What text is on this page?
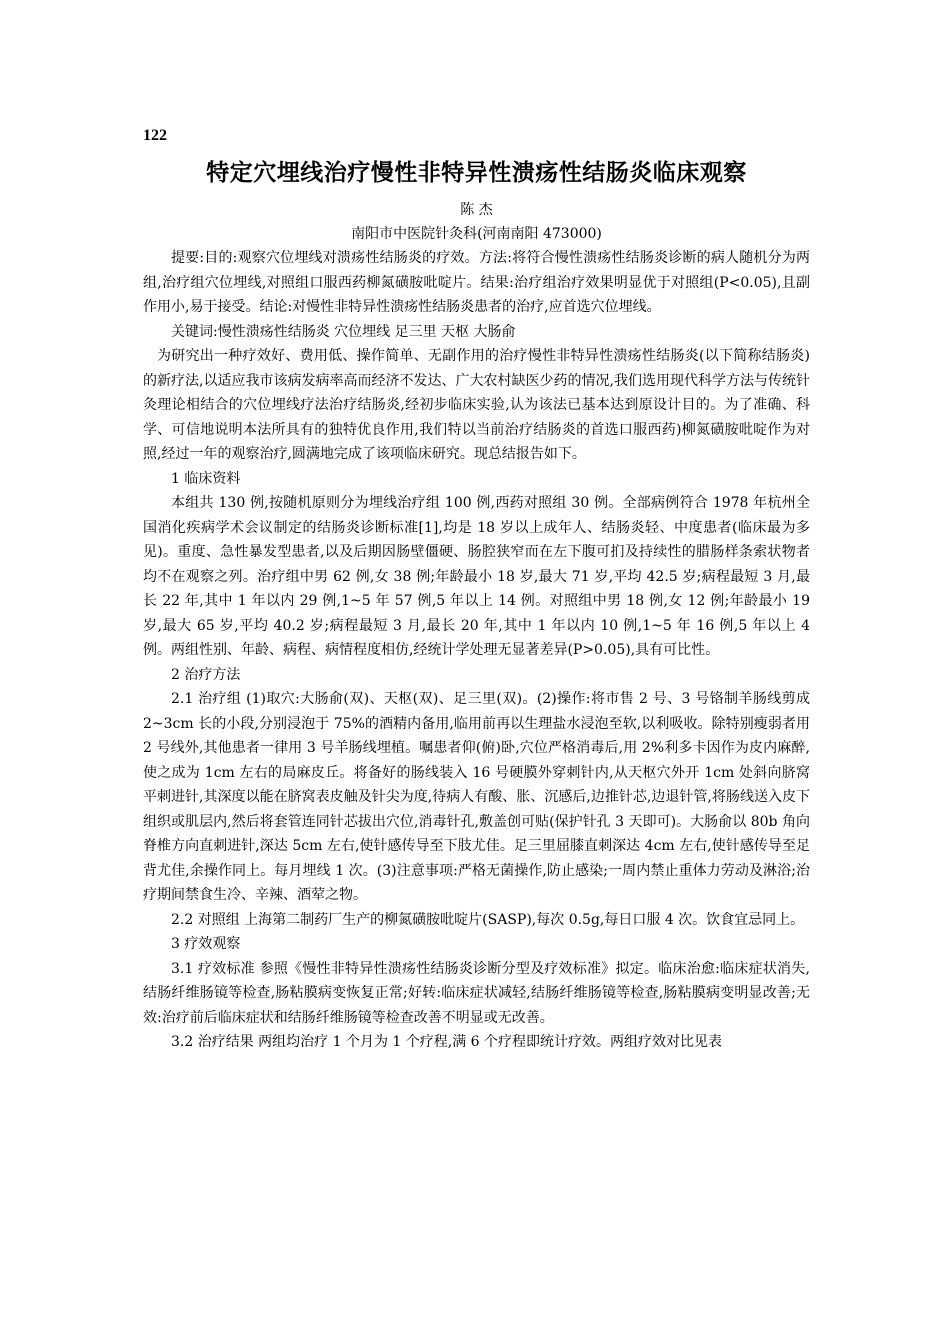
122
特定穴埋线治疗慢性非特异性溃疡性结肠炎临床观察
陈 杰
南阳市中医院针灸科(河南南阳 473000)

提要:目的:观察穴位埋线对溃疡性结肠炎的疗效。方法:将符合慢性溃疡性结肠炎诊断的病人随机分为两组,治疗组穴位埋线,对照组口服西药柳氮磺胺吡啶片。结果:治疗组治疗效果明显优于对照组(P<0.05),且副作用小,易于接受。结论:对慢性非特异性溃疡性结肠炎患者的治疗,应首选穴位埋线。

关键词:慢性溃疡性结肠炎 穴位埋线 足三里 天枢 大肠俞

为研究出一种疗效好、费用低、操作简单、无副作用的治疗慢性非特异性溃疡性结肠炎(以下简称结肠炎)的新疗法,以适应我市该病发病率高而经济不发达、广大农村缺医少药的情况,我们选用现代科学方法与传统针灸理论相结合的穴位埋线疗法治疗结肠炎,经初步临床实验,认为该法已基本达到原设计目的。为了准确、科学、可信地说明本法所具有的独特优良作用,我们特以当前治疗结肠炎的首选口服西药)柳氮磺胺吡啶作为对照,经过一年的观察治疗,圆满地完成了该项临床研究。现总结报告如下。

1 临床资料

本组共 130 例,按随机原则分为埋线治疗组 100 例,西药对照组 30 例。全部病例符合 1978 年杭州全国消化疾病学术会议制定的结肠炎诊断标准[1],均是 18 岁以上成年人、结肠炎轻、中度患者(临床最为多见)。重度、急性暴发型患者,以及后期因肠壁僵硬、肠腔狭窄而在左下腹可扪及持续性的腊肠样条索状物者均不在观察之列。治疗组中男 62 例,女 38 例;年龄最小 18 岁,最大 71 岁,平均 42.5 岁;病程最短 3 月,最长 22 年,其中 1 年以内 29 例,1~5 年 57 例,5 年以上 14 例。对照组中男 18 例,女 12 例;年龄最小 19 岁,最大 65 岁,平均 40.2 岁;病程最短 3 月,最长 20 年,其中 1 年以内 10 例,1~5 年 16 例,5 年以上 4 例。两组性别、年龄、病程、病情程度相仿,经统计学处理无显著差异(P>0.05),具有可比性。

2 治疗方法

2.1 治疗组 (1)取穴:大肠俞(双)、天枢(双)、足三里(双)。(2)操作:将市售 2 号、3 号铬制羊肠线剪成 2~3cm 长的小段,分别浸泡于 75%的酒精内备用,临用前再以生理盐水浸泡至软,以利吸收。除特别瘦弱者用 2 号线外,其他患者一律用 3 号羊肠线埋植。嘱患者仰(俯)卧,穴位严格消毒后,用 2%利多卡因作为皮内麻醉,使之成为 1cm 左右的局麻皮丘。将备好的肠线装入 16 号硬膜外穿刺针内,从天枢穴外开 1cm 处斜向脐窝平刺进针,其深度以能在脐窝表皮触及针尖为度,待病人有酸、胀、沉感后,边推针芯,边退针管,将肠线送入皮下组织或肌层内,然后将套管连同针芯拔出穴位,消毒针孔,敷盖创可贴(保护针孔 3 天即可)。大肠俞以 80b 角向脊椎方向直刺进针,深达 5cm 左右,使针感传导至下肢尤佳。足三里屈膝直刺深达 4cm 左右,使针感传导至足背尤佳,余操作同上。每月埋线 1 次。(3)注意事项:严格无菌操作,防止感染;一周内禁止重体力劳动及淋浴;治疗期间禁食生冷、辛辣、酒荤之物。

2.2 对照组 上海第二制药厂生产的柳氮磺胺吡啶片(SASP),每次 0.5g,每日口服 4 次。饮食宜忌同上。

3 疗效观察

3.1 疗效标准 参照《慢性非特异性溃疡性结肠炎诊断分型及疗效标准》拟定。临床治愈:临床症状消失,结肠纤维肠镜等检查,肠粘膜病变恢复正常;好转:临床症状减轻,结肠纤维肠镜等检查,肠粘膜病变明显改善;无效:治疗前后临床症状和结肠纤维肠镜等检查改善不明显或无改善。

3.2 治疗结果 两组均治疗 1 个月为 1 个疗程,满 6 个疗程即统计疗效。两组疗效对比见表
